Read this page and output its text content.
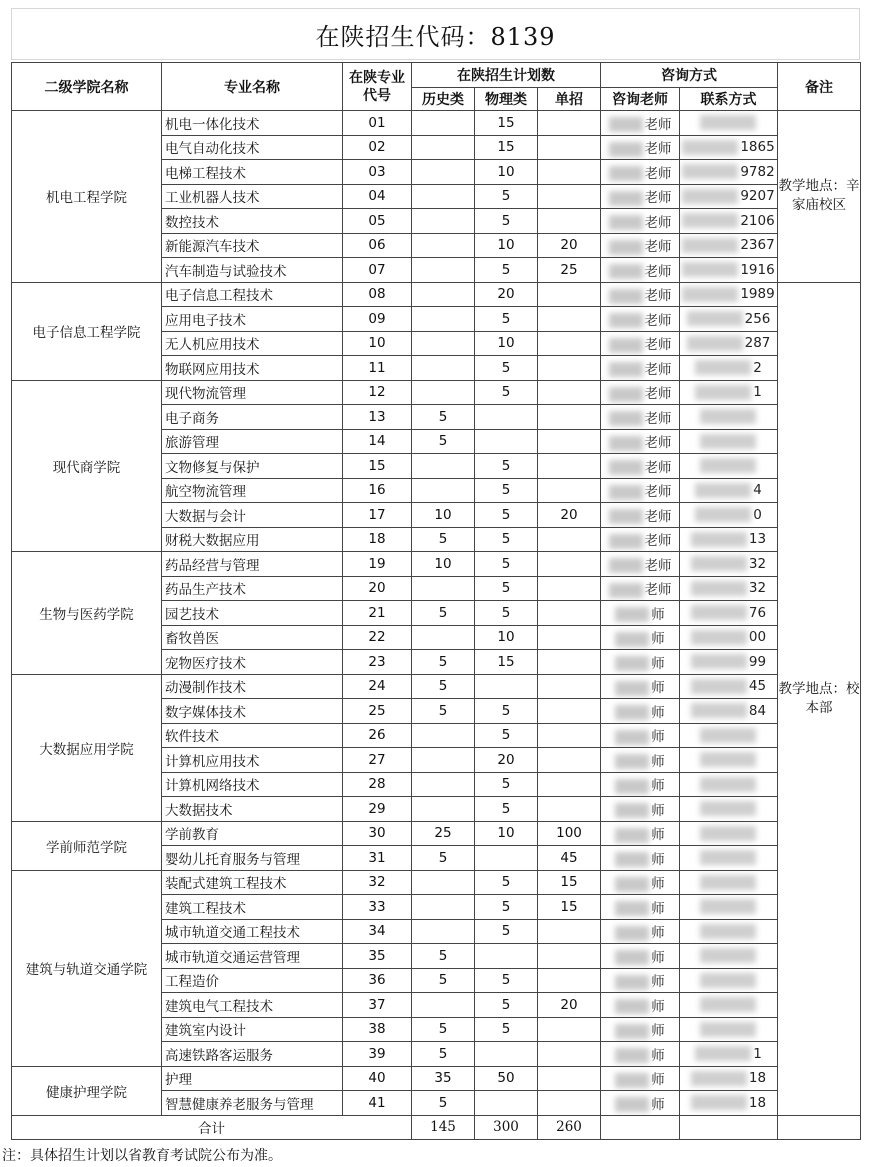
在陕招生代码：8139
二级学院名称	专业名称	在陕专业代号	在陕招生计划数			咨询方式		备注
			历史类	物理类	单招	咨询老师	联系方式	
机电工程学院	机电一体化技术	01		15		老师		教学地点：辛家庙校区
	电气自动化技术	02		15		老师	1865	
	电梯工程技术	03		10		老师	9782	
	工业机器人技术	04		5		老师	9207	
	数控技术	05		5		老师	2106	
	新能源汽车技术	06		10	20	老师	2367	
	汽车制造与试验技术	07		5	25	老师	1916	
电子信息工程学院	电子信息工程技术	08		20		老师	1989	教学地点：校本部
	应用电子技术	09		5		老师	256	
	无人机应用技术	10		10		老师	287	
	物联网应用技术	11		5		老师	2	
现代商学院	现代物流管理	12		5		老师	1	
	电子商务	13	5			老师		
	旅游管理	14	5			老师		
	文物修复与保护	15		5		老师		
	航空物流管理	16		5		老师	4	
	大数据与会计	17	10	5	20	老师	0	
	财税大数据应用	18	5	5		老师	13	
生物与医药学院	药品经营与管理	19	10	5		老师	32	
	药品生产技术	20		5		老师	32	
	园艺技术	21	5	5		师	76	
	畜牧兽医	22		10		师	00	
	宠物医疗技术	23	5	15		师	99	
大数据应用学院	动漫制作技术	24	5			师	45	
	数字媒体技术	25	5	5		师	84	
	软件技术	26		5		师		
	计算机应用技术	27		20		师		
	计算机网络技术	28		5		师		
	大数据技术	29		5		师		
学前师范学院	学前教育	30	25	10	100	师		
	婴幼儿托育服务与管理	31	5		45	师		
建筑与轨道交通学院	装配式建筑工程技术	32		5	15	师		
	建筑工程技术	33		5	15	师		
	城市轨道交通工程技术	34		5		师		
	城市轨道交通运营管理	35	5			师		
	工程造价	36	5	5		师		
	建筑电气工程技术	37		5	20	师		
	建筑室内设计	38	5	5		师		
	高速铁路客运服务	39	5			师	1	
健康护理学院	护理	40	35	50		师	18	
	智慧健康养老服务与管理	41	5			师	18	
合计			145	300	260			
注：具体招生计划以省教育考试院公布为准。
